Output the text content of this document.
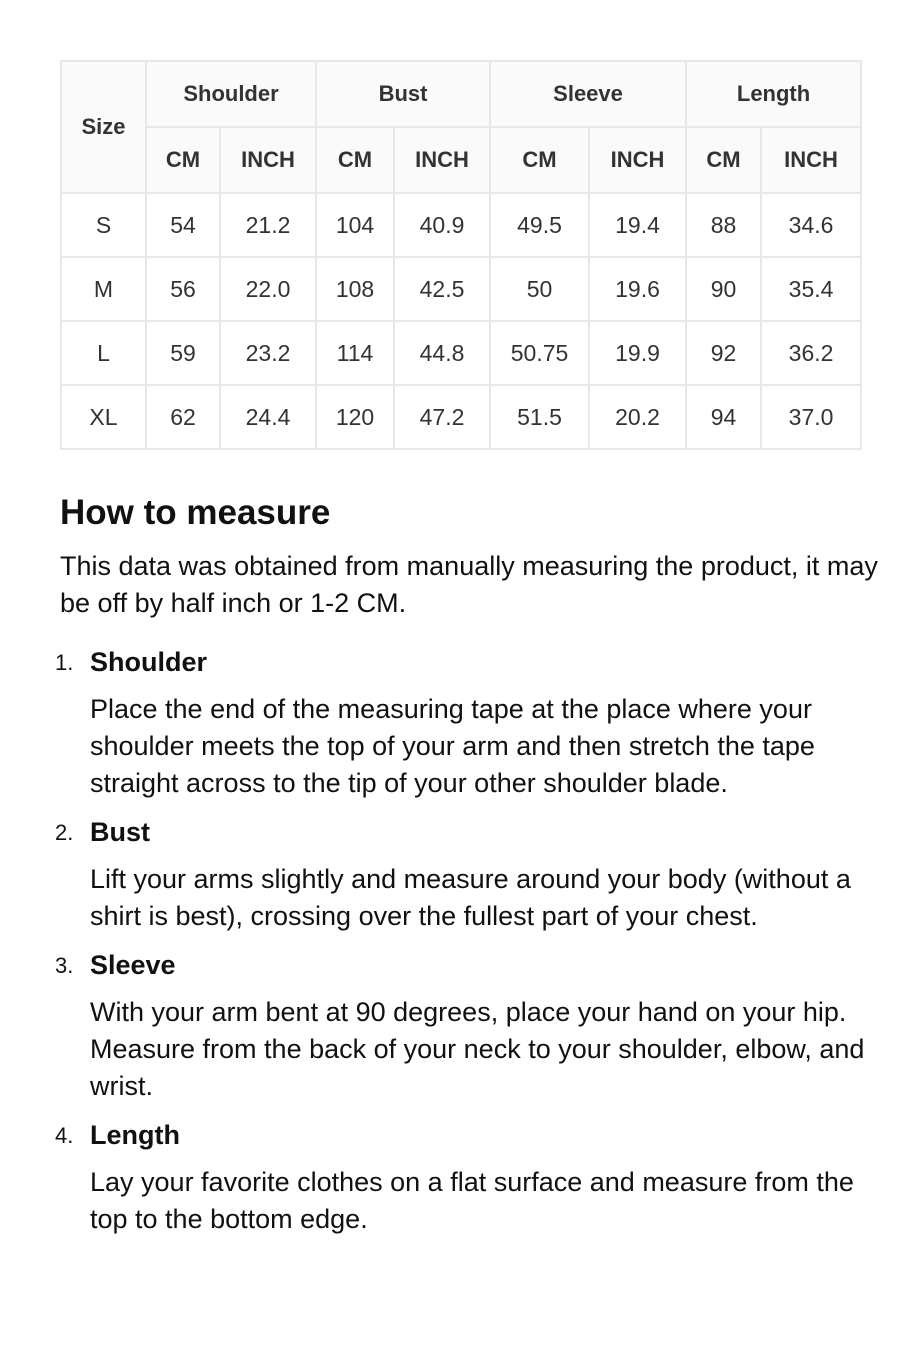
Size	Shoulder		Bust		Sleeve		Length	
	CM	INCH	CM	INCH	CM	INCH	CM	INCH
S	54	21.2	104	40.9	49.5	19.4	88	34.6
M	56	22.0	108	42.5	50	19.6	90	35.4
L	59	23.2	114	44.8	50.75	19.9	92	36.2
XL	62	24.4	120	47.2	51.5	20.2	94	37.0
How to measure

This data was obtained from manually measuring the product, it may be off by half inch or 1-2 CM.

1. Shoulder
Place the end of the measuring tape at the place where your shoulder meets the top of your arm and then stretch the tape straight across to the tip of your other shoulder blade.
2. Bust
Lift your arms slightly and measure around your body (without a shirt is best), crossing over the fullest part of your chest.
3. Sleeve
With your arm bent at 90 degrees, place your hand on your hip. Measure from the back of your neck to your shoulder, elbow, and wrist.
4. Length
Lay your favorite clothes on a flat surface and measure from the top to the bottom edge.
